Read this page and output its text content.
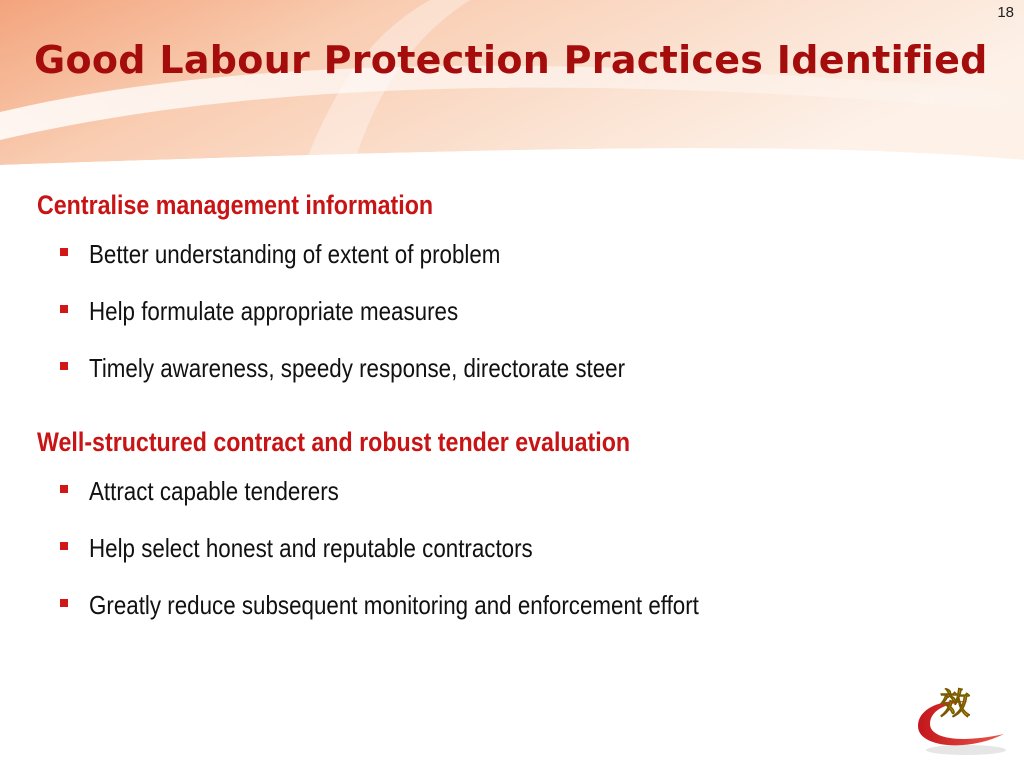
18
Good Labour Protection Practices Identified
Centralise management information
Better understanding of extent of problem
Help formulate appropriate measures
Timely awareness, speedy response, directorate steer
Well-structured contract and robust tender evaluation
Attract capable tenderers
Help select honest and reputable contractors
Greatly reduce subsequent monitoring and enforcement effort
效
